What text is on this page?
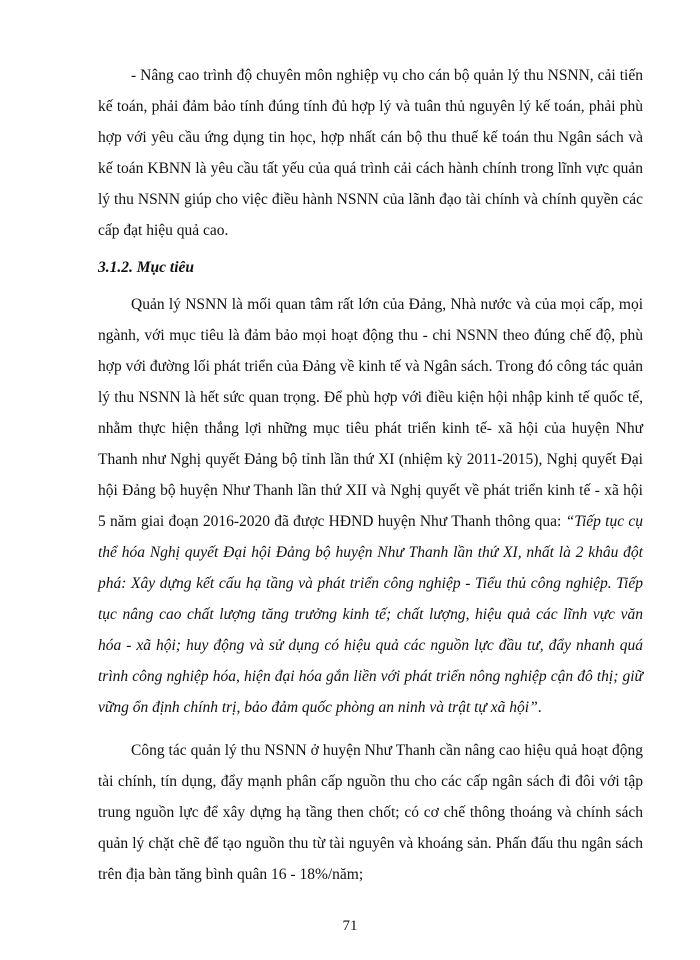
- Nâng cao trình độ chuyên môn nghiệp vụ cho cán bộ quản lý thu NSNN, cải tiến kế toán, phải đảm bảo tính đúng tính đủ hợp lý và tuân thủ nguyên lý kế toán, phải phù hợp với yêu cầu ứng dụng tin học, hợp nhất cán bộ thu thuế kế toán thu Ngân sách và kế toán KBNN là yêu cầu tất yếu của quá trình cải cách hành chính trong lĩnh vực quản lý thu NSNN giúp cho việc điều hành NSNN của lãnh đạo tài chính và chính quyền các cấp đạt hiệu quả cao.

3.1.2. Mục tiêu

Quản lý NSNN là mối quan tâm rất lớn của Đảng, Nhà nước và của mọi cấp, mọi ngành, với mục tiêu là đảm bảo mọi hoạt động thu - chi NSNN theo đúng chế độ, phù hợp với đường lối phát triển của Đảng về kinh tế và Ngân sách. Trong đó công tác quản lý thu NSNN là hết sức quan trọng. Để phù hợp với điều kiện hội nhập kinh tế quốc tế, nhằm thực hiện thắng lợi những mục tiêu phát triển kinh tế- xã hội của huyện Như Thanh như Nghị quyết Đảng bộ tỉnh lần thứ XI (nhiệm kỳ 2011-2015), Nghị quyết Đại hội Đảng bộ huyện Như Thanh lần thứ XII và Nghị quyết về phát triển kinh tế - xã hội 5 năm giai đoạn 2016-2020 đã được HĐND huyện Như Thanh thông qua: “Tiếp tục cụ thể hóa Nghị quyết Đại hội Đảng bộ huyện Như Thanh lần thứ XI, nhất là 2 khâu đột phá: Xây dựng kết cấu hạ tầng và phát triển công nghiệp - Tiểu thủ công nghiệp. Tiếp tục nâng cao chất lượng tăng trưởng kinh tế; chất lượng, hiệu quả các lĩnh vực văn hóa - xã hội; huy động và sử dụng có hiệu quả các nguồn lực đầu tư, đẩy nhanh quá trình công nghiệp hóa, hiện đại hóa gắn liền với phát triển nông nghiệp cận đô thị; giữ vững ổn định chính trị, bảo đảm quốc phòng an ninh và trật tự xã hội”.

Công tác quản lý thu NSNN ở huyện Như Thanh cần nâng cao hiệu quả hoạt động tài chính, tín dụng, đẩy mạnh phân cấp nguồn thu cho các cấp ngân sách đi đôi với tập trung nguồn lực để xây dựng hạ tầng then chốt; có cơ chế thông thoáng và chính sách quản lý chặt chẽ để tạo nguồn thu từ tài nguyên và khoáng sản. Phấn đấu thu ngân sách trên địa bàn tăng bình quân 16 - 18%/năm;

71
